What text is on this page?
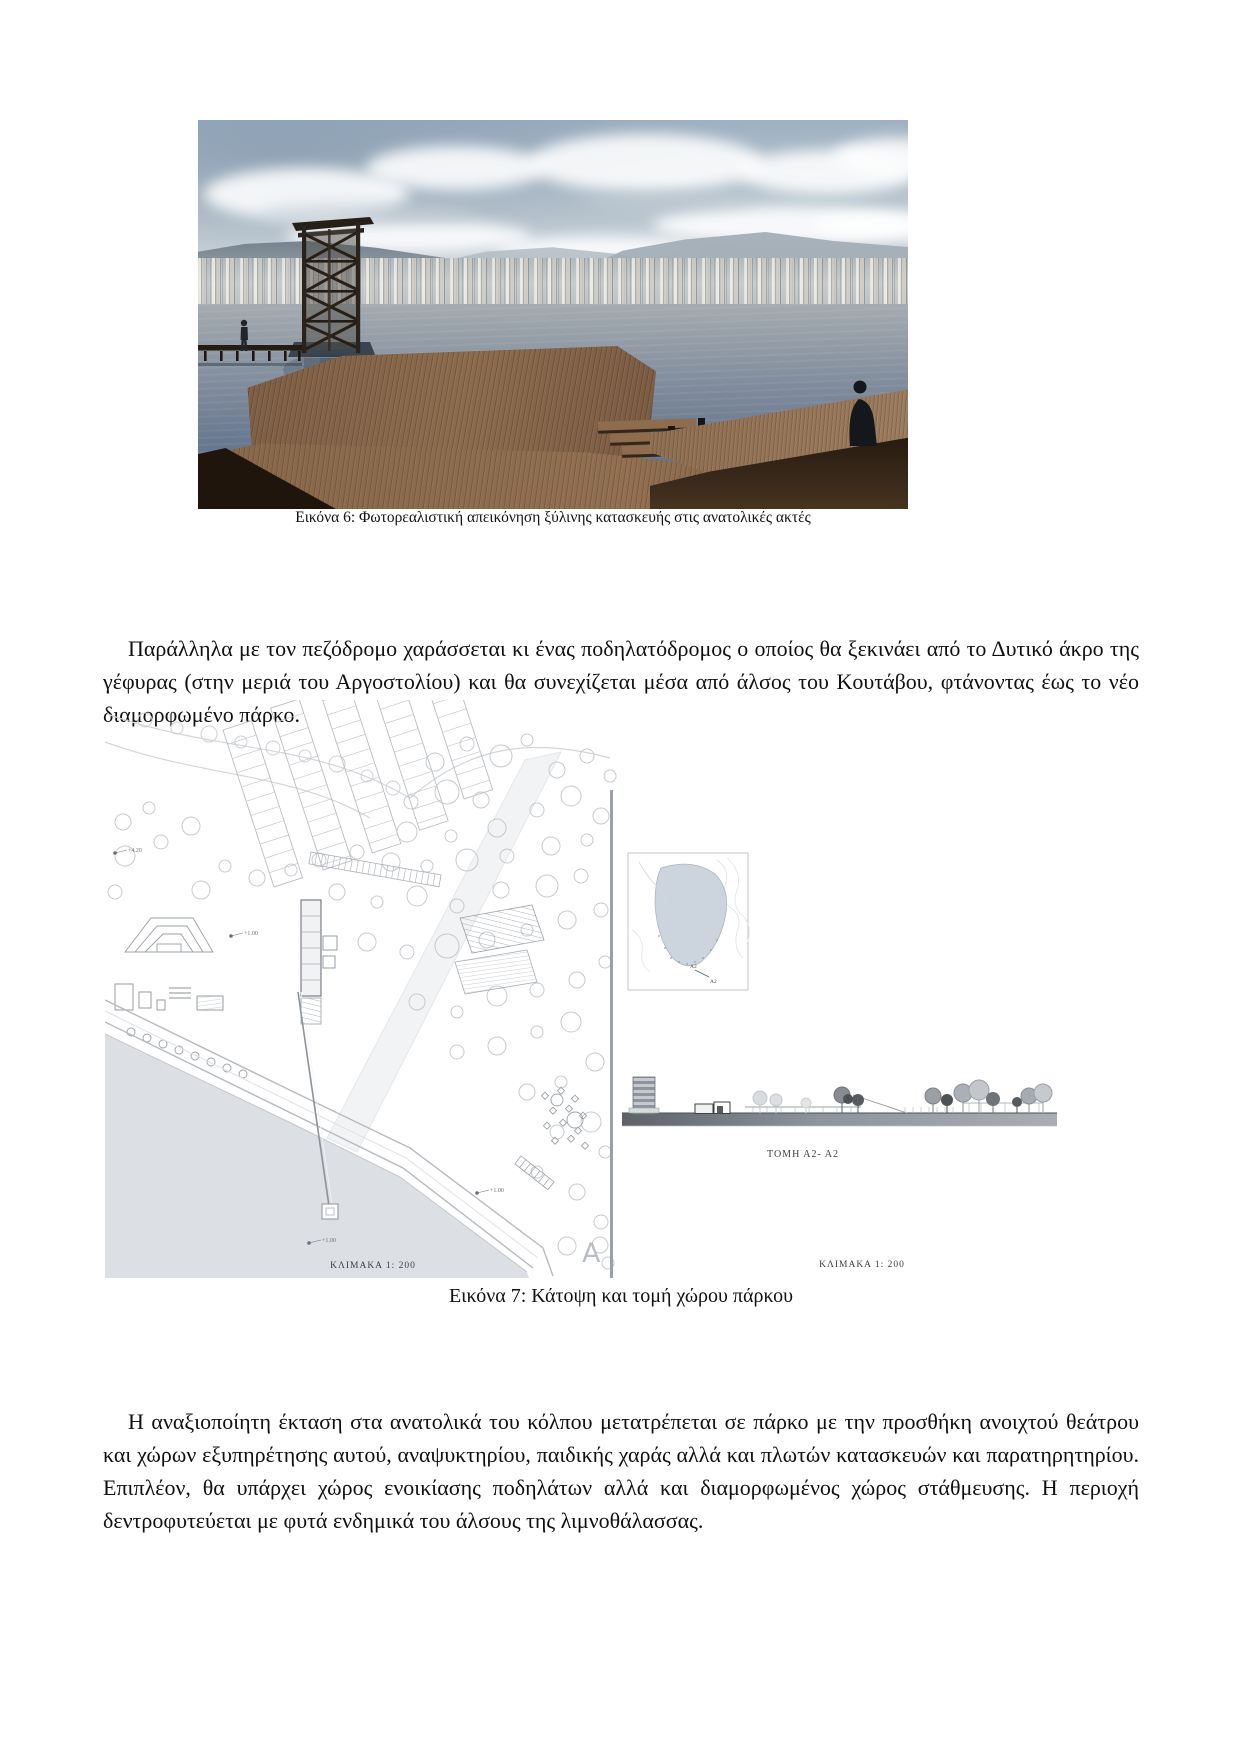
Εικόνα 6: Φωτορεαλιστική απεικόνηση ξύλινης κατασκευής στις ανατολικές ακτές

Παράλληλα με τον πεζόδρομο χαράσσεται κι ένας ποδηλατόδρομος ο οποίος θα ξεκινάει από το Δυτικό άκρο της γέφυρας (στην μεριά του Αργοστολίου) και θα συνεχίζεται μέσα από άλσος του Κουτάβου, φτάνοντας έως το νέο διαμορφωμένο πάρκο.

+4.20
+1.00
+1.00
+1.00
ΚΛΙΜΑΚΑ 1: 200	Α
Α2
Α2
ΤΟΜΗ Α2- Α2
ΚΛΙΜΑΚΑ 1: 200
Εικόνα 7: Κάτοψη και τομή χώρου πάρκου

Η αναξιοποίητη έκταση στα ανατολικά του κόλπου μετατρέπεται σε πάρκο με την προσθήκη ανοιχτού θεάτρου και χώρων εξυπηρέτησης αυτού, αναψυκτηρίου, παιδικής χαράς αλλά και πλωτών κατασκευών και παρατηρητηρίου. Επιπλέον, θα υπάρχει χώρος ενοικίασης ποδηλάτων αλλά και διαμορφωμένος χώρος στάθμευσης. Η περιοχή δεντροφυτεύεται με φυτά ενδημικά του άλσους της λιμνοθάλασσας.
